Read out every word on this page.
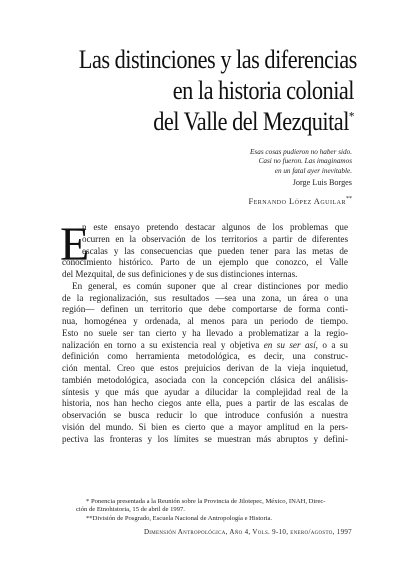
Las distinciones y las diferencias
en la historia colonial
del Valle del Mezquital*
Esas cosas pudieron no haber sido.
Casi no fueron. Las imaginamos
en un fatal ayer inevitable.
Jorge Luis Borges
Fernando López Aguilar**
E
n este ensayo pretendo destacar algunos de los problemas que
ocurren en la observación de los territorios a partir de diferentes
escalas y las consecuencias que pueden tener para las metas de
conocimiento histórico. Parto de un ejemplo que conozco, el Valle
del Mezquital, de sus definiciones y de sus distinciones internas.
En general, es común suponer que al crear distinciones por medio
de la regionalización, sus resultados —sea una zona, un área o una
región— definen un territorio que debe comportarse de forma conti-
nua, homogénea y ordenada, al menos para un periodo de tiempo.
Esto no suele ser tan cierto y ha llevado a problematizar a la regio-
nalización en torno a su existencia real y objetiva en su ser así, o a su
definición como herramienta metodológica, es decir, una construc-
ción mental. Creo que estos prejuicios derivan de la vieja inquietud,
también metodológica, asociada con la concepción clásica del análisis-
síntesis y que más que ayudar a dilucidar la complejidad real de la
historia, nos han hecho ciegos ante ella, pues a partir de las escalas de
observación se busca reducir lo que introduce confusión a nuestra
visión del mundo. Si bien es cierto que a mayor amplitud en la pers-
pectiva las fronteras y los límites se muestran más abruptos y defini-
* Ponencia presentada a la Reunión sobre la Provincia de Jilotepec, México, INAH, Direc-
ción de Etnohistoria, 15 de abril de 1997.
**División de Posgrado, Escuela Nacional de Antropología e Historia.
Dimensión Antropológica, Año 4, Vols. 9-10, enero/agosto, 1997
